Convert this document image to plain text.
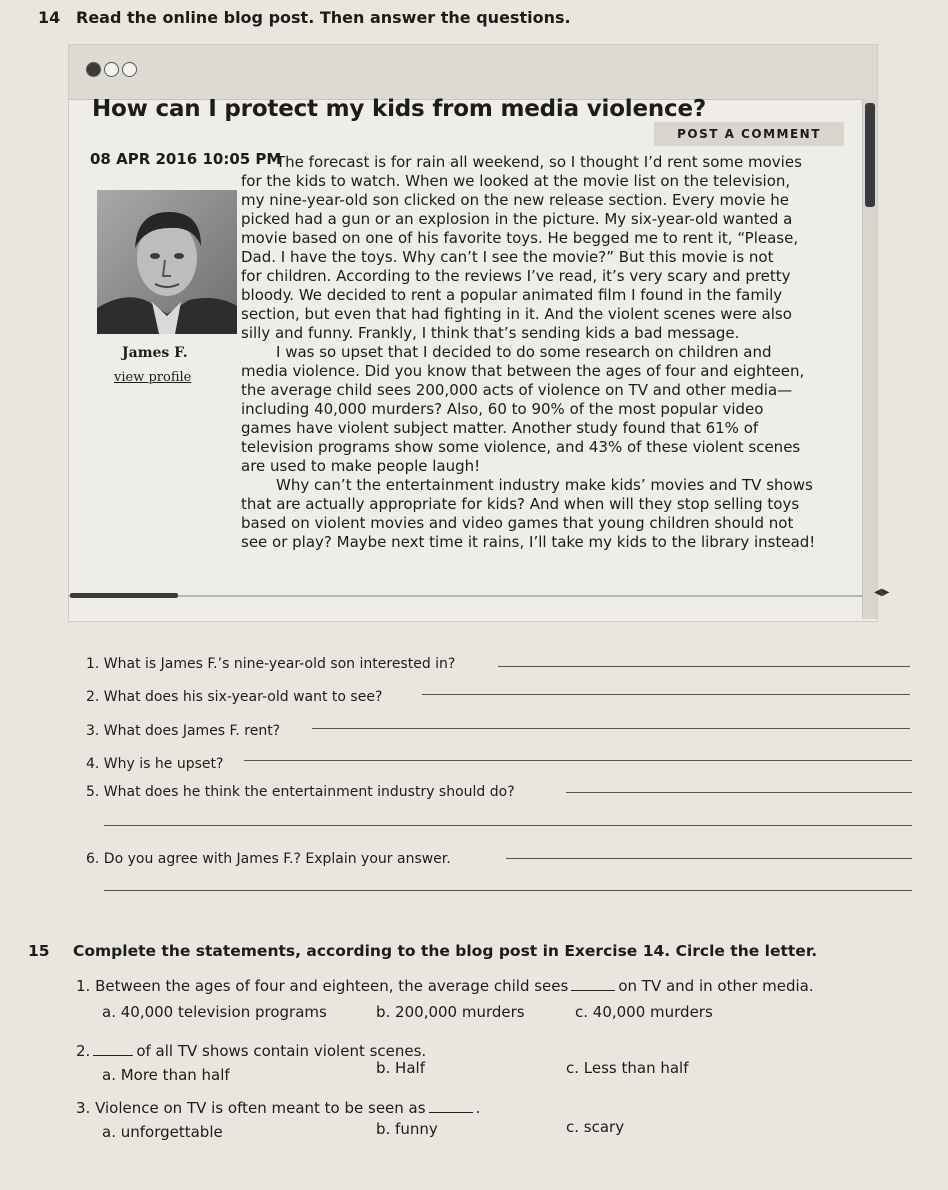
14 Read the online blog post. Then answer the questions.
How can I protect my kids from media violence?
POST A COMMENT
08 APR 2016 10:05 PM
James F.
view profile
The forecast is for rain all weekend, so I thought I’d rent some movies
for the kids to watch. When we looked at the movie list on the television,
my nine-year-old son clicked on the new release section. Every movie he
picked had a gun or an explosion in the picture. My six-year-old wanted a
movie based on one of his favorite toys. He begged me to rent it, “Please,
Dad. I have the toys. Why can’t I see the movie?” But this movie is not
for children. According to the reviews I’ve read, it’s very scary and pretty
bloody. We decided to rent a popular animated film I found in the family
section, but even that had fighting in it. And the violent scenes were also
silly and funny. Frankly, I think that’s sending kids a bad message.
I was so upset that I decided to do some research on children and
media violence. Did you know that between the ages of four and eighteen,
the average child sees 200,000 acts of violence on TV and other media—
including 40,000 murders? Also, 60 to 90% of the most popular video
games have violent subject matter. Another study found that 61% of
television programs show some violence, and 43% of these violent scenes
are used to make people laugh!
Why can’t the entertainment industry make kids’ movies and TV shows
that are actually appropriate for kids? And when will they stop selling toys
based on violent movies and video games that young children should not
see or play? Maybe next time it rains, I’ll take my kids to the library instead!
◀▶
1. What is James F.’s nine-year-old son interested in?
2. What does his six-year-old want to see?
3. What does James F. rent?
4. Why is he upset?
5. What does he think the entertainment industry should do?
6. Do you agree with James F.? Explain your answer.
15 Complete the statements, according to the blog post in Exercise 14. Circle the letter.
1. Between the ages of four and eighteen, the average child sees	on TV and in other media.
a. 40,000 television programs	b. 200,000 murders	c. 40,000 murders
2.	of all TV shows contain violent scenes.
a. More than half	b. Half	c. Less than half
3. Violence on TV is often meant to be seen as	.
a. unforgettable	b. funny	c. scary
